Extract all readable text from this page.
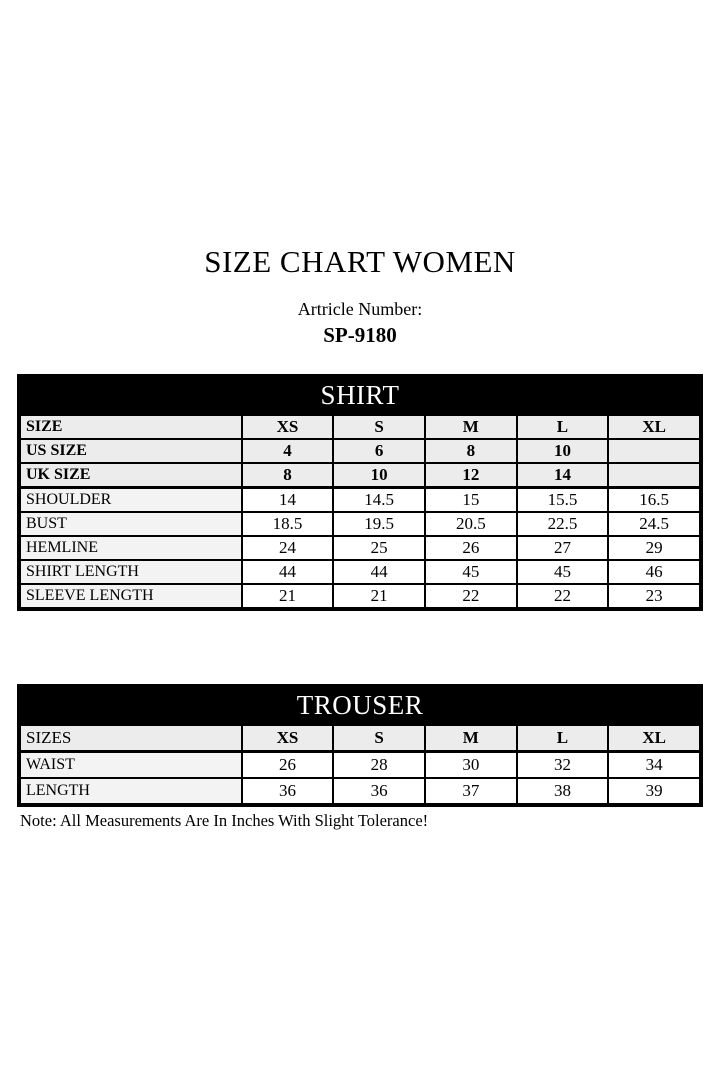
SIZE CHART WOMEN
Artricle Number:
SP-9180
SHIRT
SIZE	XS	S	M	L	XL
US SIZE	4	6	8	10	
UK SIZE	8	10	12	14	
SHOULDER	14	14.5	15	15.5	16.5
BUST	18.5	19.5	20.5	22.5	24.5
HEMLINE	24	25	26	27	29
SHIRT LENGTH	44	44	45	45	46
SLEEVE LENGTH	21	21	22	22	23
TROUSER
SIZES	XS	S	M	L	XL
WAIST	26	28	30	32	34
LENGTH	36	36	37	38	39

Note: All Measurements Are In Inches With Slight Tolerance!
